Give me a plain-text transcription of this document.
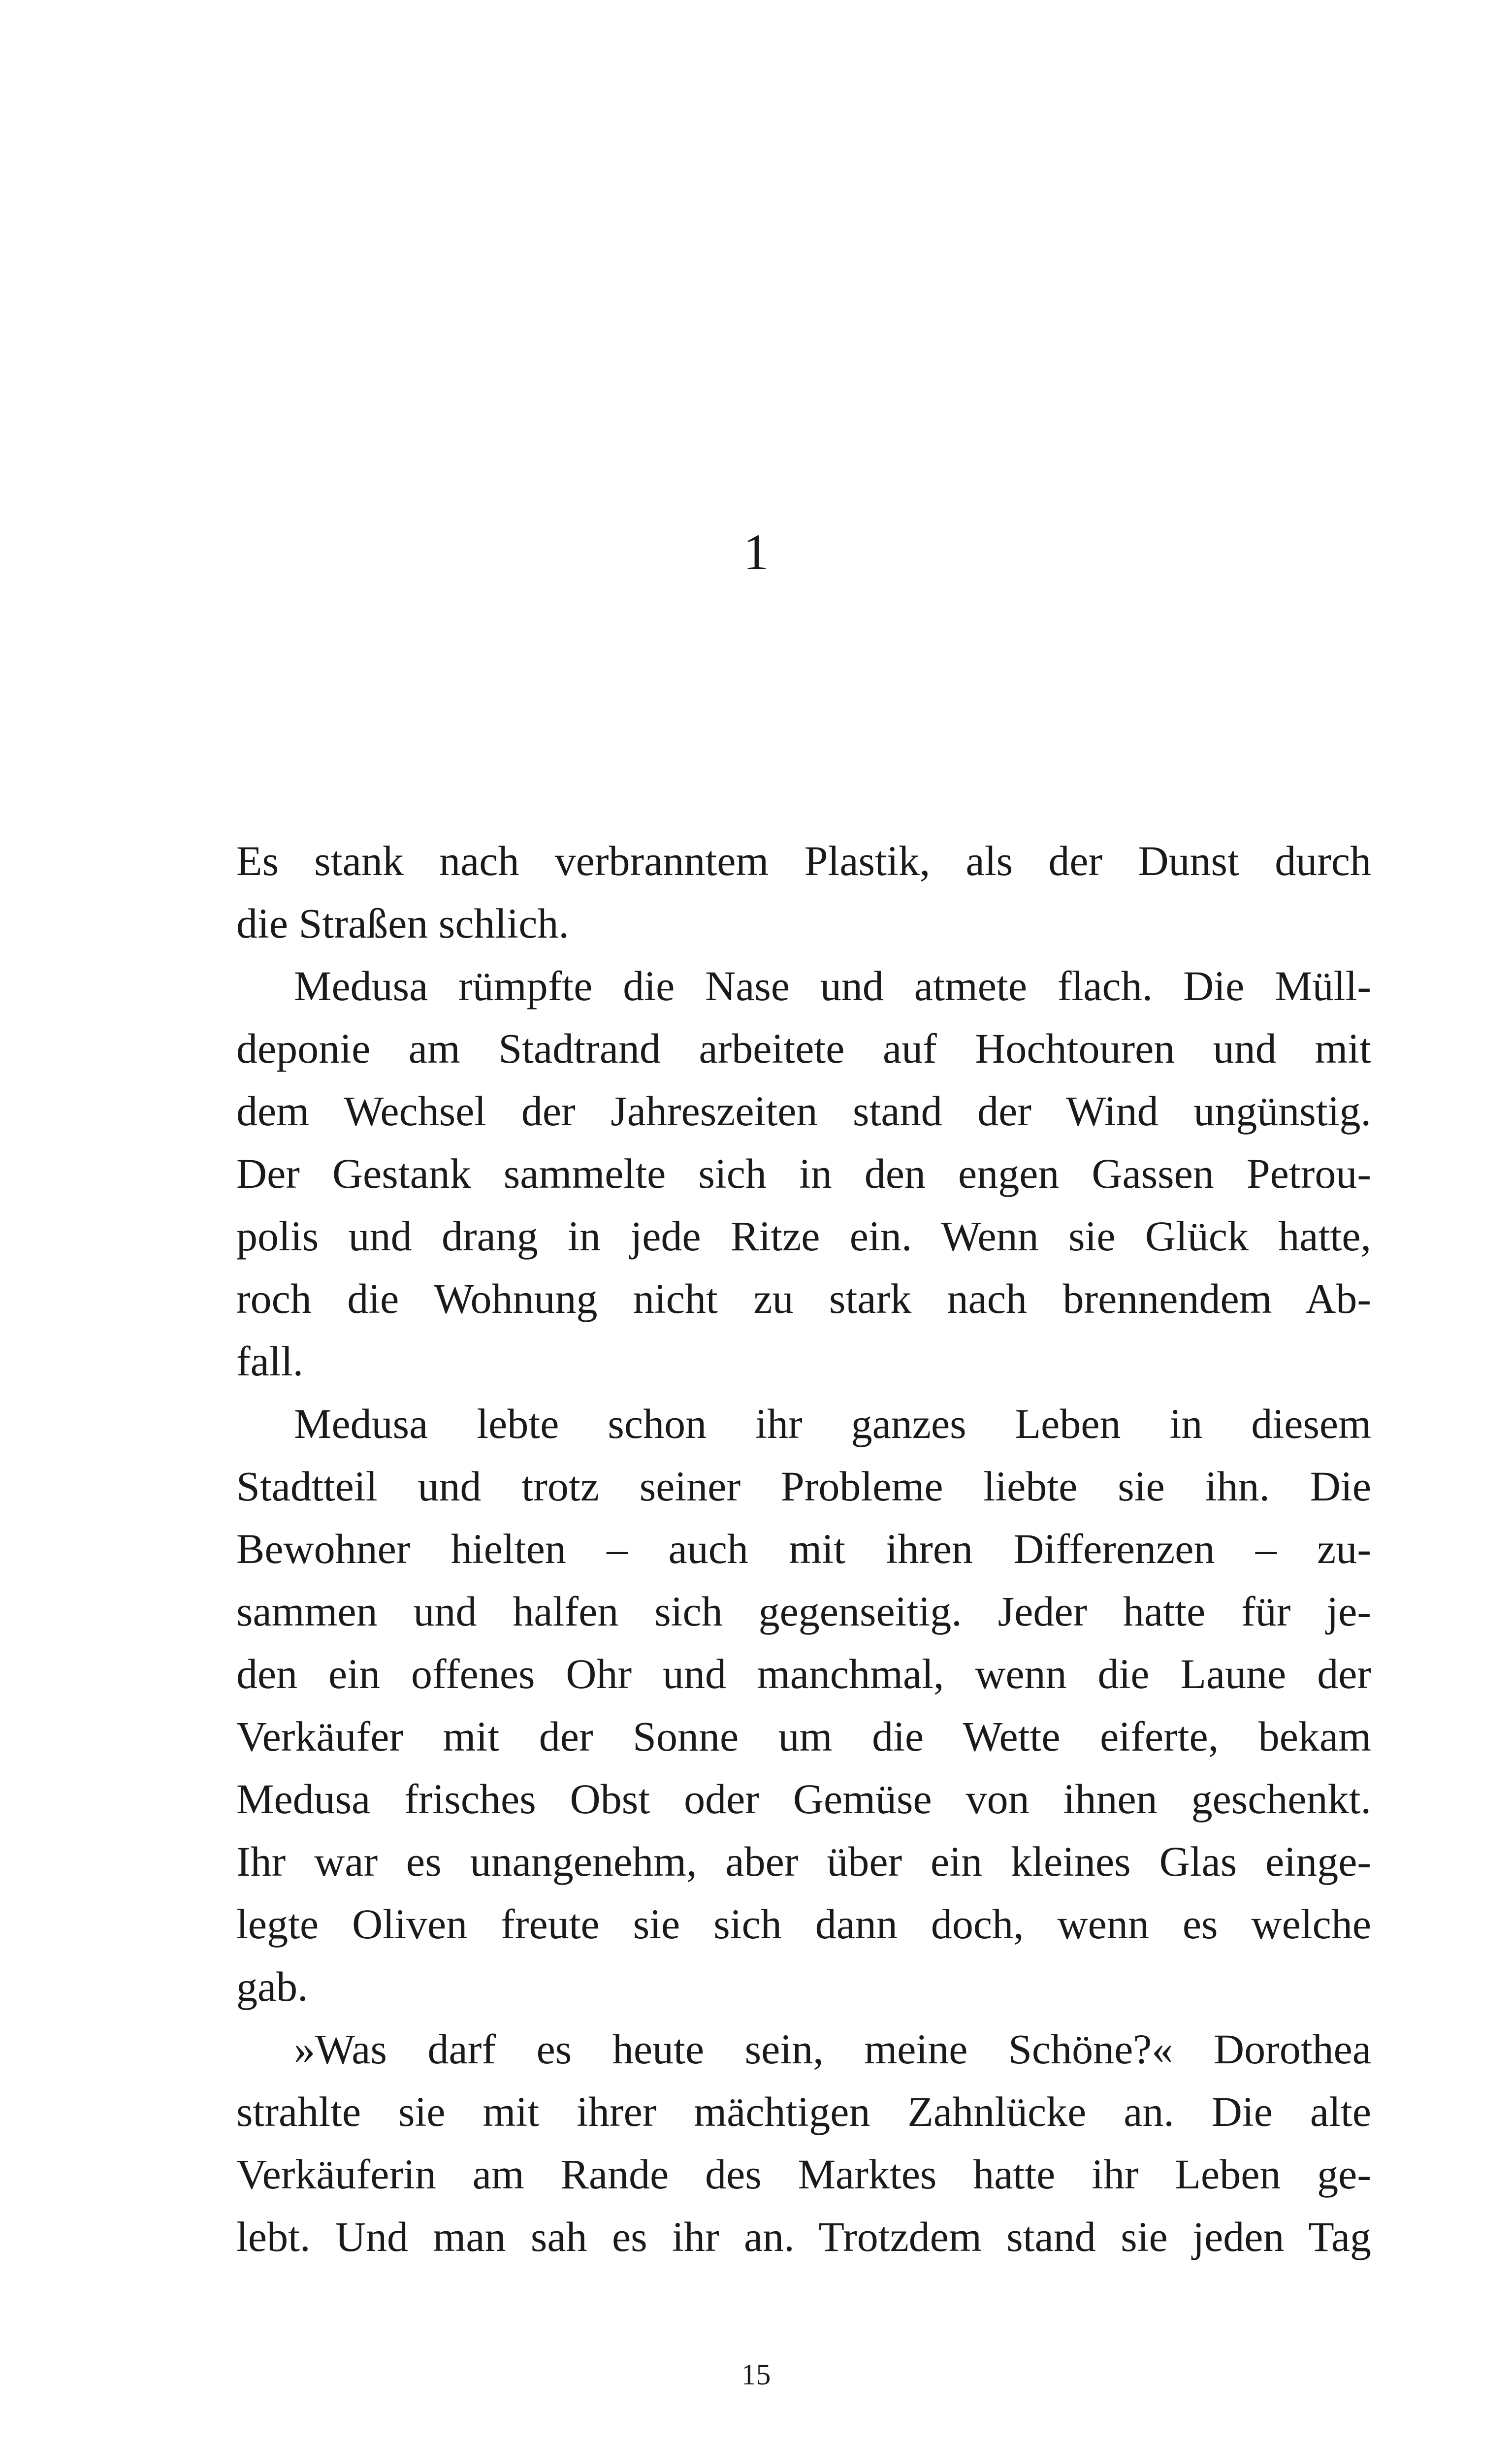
1
Es stank nach verbranntem Plastik, als der Dunst durch
die Straßen schlich.
Medusa rümpfte die Nase und atmete flach. Die Müll-
deponie am Stadtrand arbeitete auf Hochtouren und mit
dem Wechsel der Jahreszeiten stand der Wind ungünstig.
Der Gestank sammelte sich in den engen Gassen Petrou-
polis und drang in jede Ritze ein. Wenn sie Glück hatte,
roch die Wohnung nicht zu stark nach brennendem Ab-
fall.
Medusa lebte schon ihr ganzes Leben in diesem
Stadtteil und trotz seiner Probleme liebte sie ihn. Die
Bewohner hielten – auch mit ihren Differenzen – zu-
sammen und halfen sich gegenseitig. Jeder hatte für je-
den ein offenes Ohr und manchmal, wenn die Laune der
Verkäufer mit der Sonne um die Wette eiferte, bekam
Medusa frisches Obst oder Gemüse von ihnen geschenkt.
Ihr war es unangenehm, aber über ein kleines Glas einge-
legte Oliven freute sie sich dann doch, wenn es welche
gab.
»Was darf es heute sein, meine Schöne?« Dorothea
strahlte sie mit ihrer mächtigen Zahnlücke an. Die alte
Verkäuferin am Rande des Marktes hatte ihr Leben ge-
lebt. Und man sah es ihr an. Trotzdem stand sie jeden Tag
15
